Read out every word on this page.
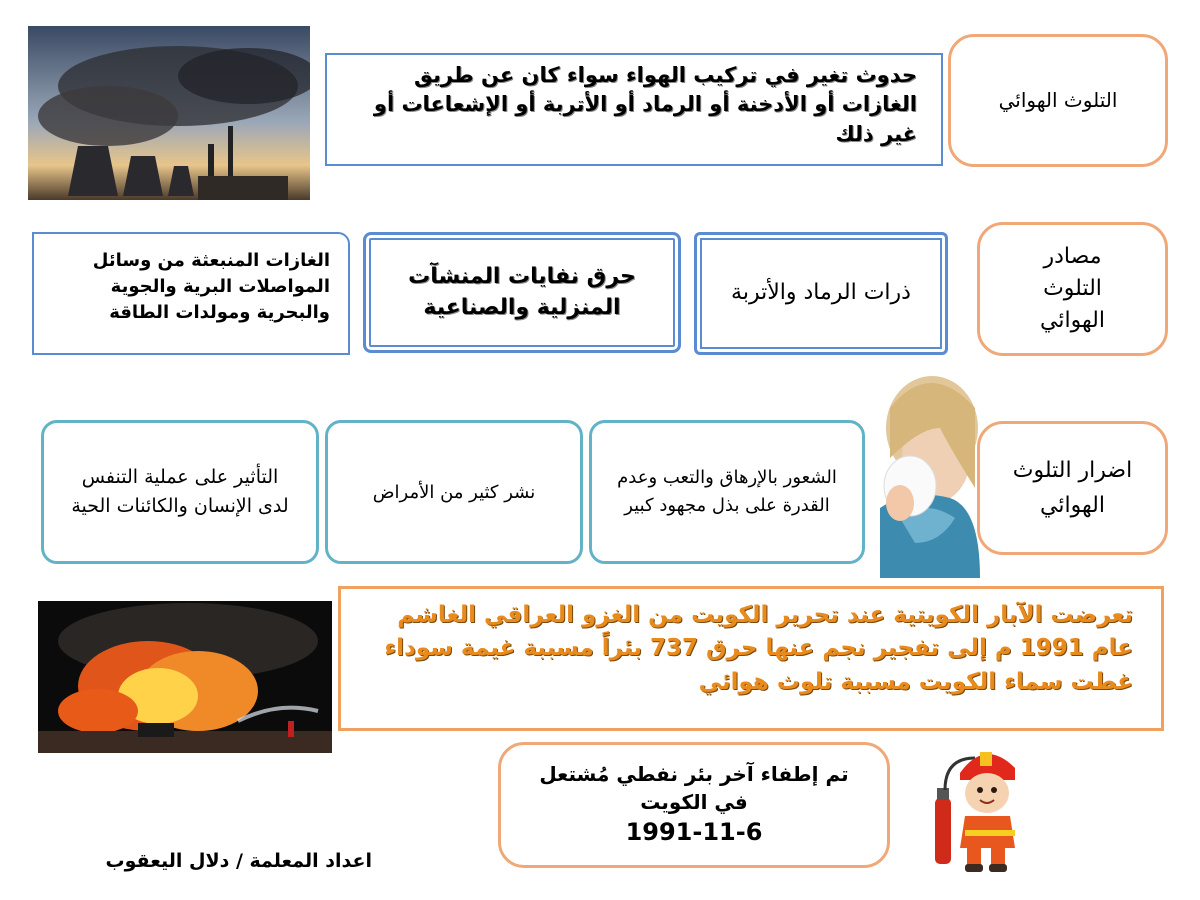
حدوث تغير في تركيب الهواء سواء كان عن طريق الغازات أو الأدخنة أو الرماد أو الأتربة أو الإشعاعات أو غير ذلك
التلوث الهوائي
الغازات المنبعثة من وسائل المواصلات البرية والجوية والبحرية ومولدات الطاقة
حرق نفايات المنشآت المنزلية والصناعية
ذرات الرماد والأتربة
مصادر
التلوث
الهوائي
التأثير على عملية التنفس لدى الإنسان والكائنات الحية
نشر كثير من الأمراض
الشعور بالإرهاق والتعب وعدم القدرة على بذل مجهود كبير
اضرار التلوث الهوائي
تعرضت الآبار الكويتية عند تحرير الكويت من الغزو العراقي الغاشم عام 1991 م إلى تفجير نجم عنها حرق 737 بئراً مسببة غيمة سوداء غطت سماء الكويت مسببة تلوث هوائي
تم إطفاء آخر بئر نفطي مُشتعل
في الكويت
1991-11-6
اعداد المعلمة / دلال اليعقوب
